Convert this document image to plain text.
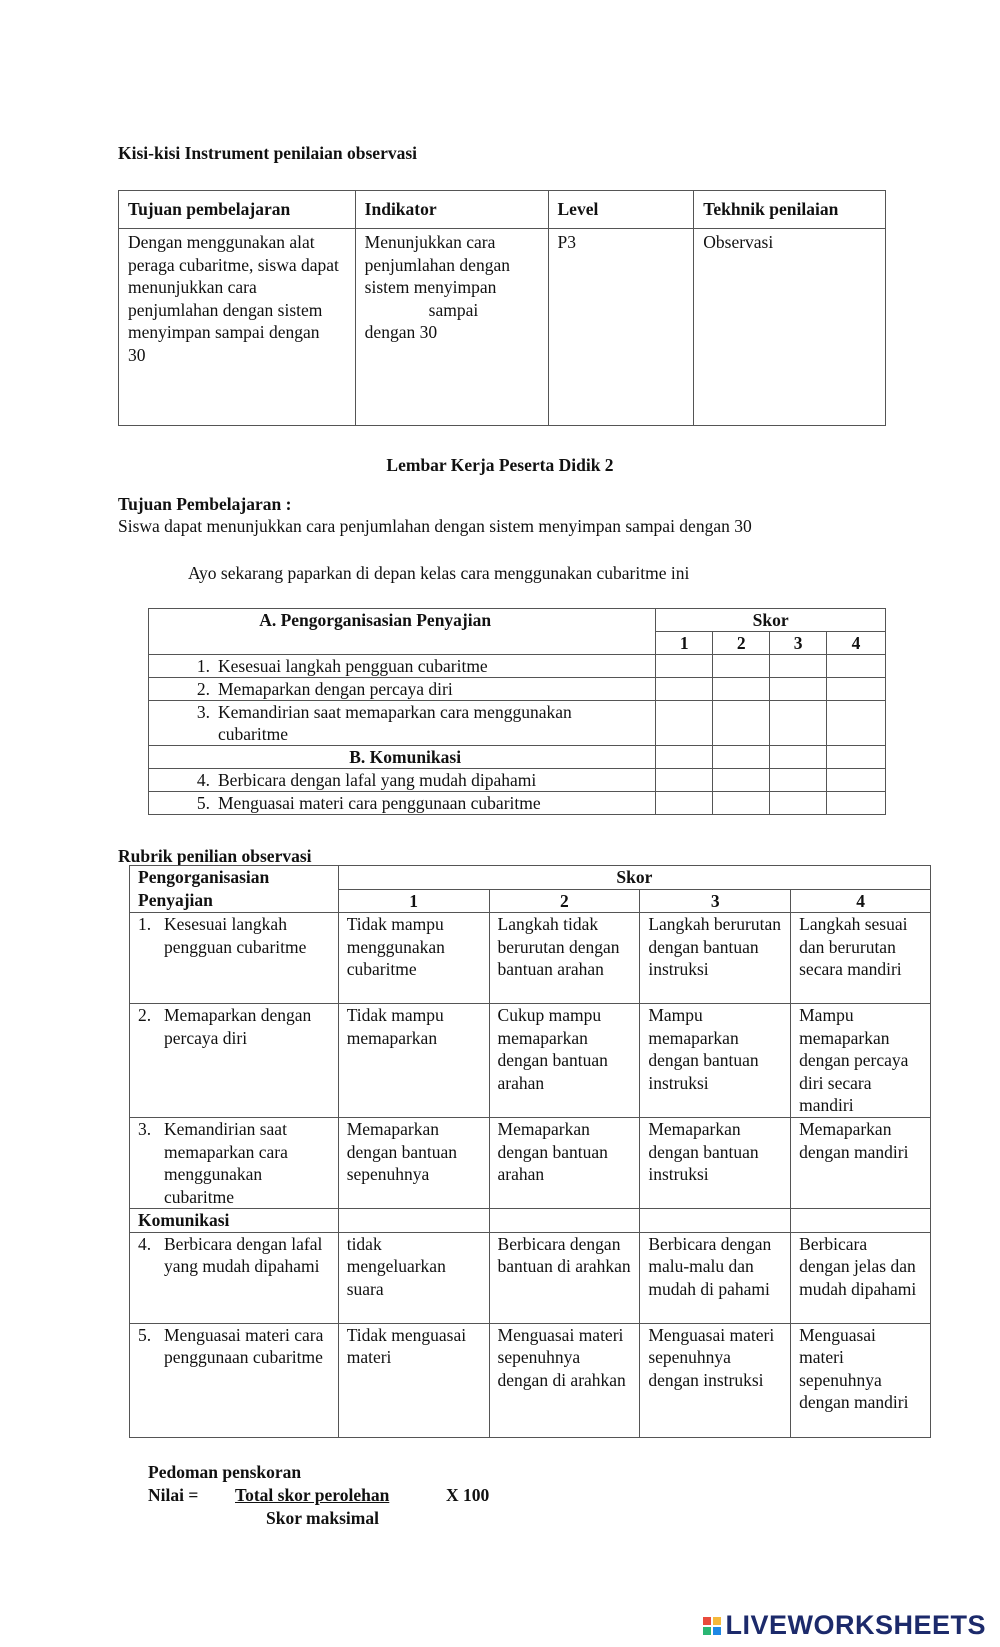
Kisi-kisi Instrument penilaian observasi
Tujuan pembelajaran	Indikator	Level	Tekhnik penilaian
Dengan menggunakan alat peraga cubaritme, siswa dapat menunjukkan cara penjumlahan dengan sistem menyimpan sampai dengan 30	Menunjukkan cara
penjumlahan dengan
sistem menyimpan
sampai
dengan 30	P3	Observasi
Lembar Kerja Peserta Didik 2
Tujuan Pembelajaran :
Siswa dapat menunjukkan cara penjumlahan dengan sistem menyimpan sampai dengan 30
Ayo sekarang paparkan di depan kelas cara menggunakan cubaritme ini
A. Pengorganisasian Penyajian	Skor			
	1	2	3	4

1. Kesesuai langkah pengguan cubaritme				

2. Memaparkan dengan percaya diri				

3. Kemandirian saat memaparkan cara menggunakan cubaritme				

B. Komunikasi				

4. Berbicara dengan lafal yang mudah dipahami				

5. Menguasai materi cara penggunaan cubaritme				

Rubrik penilian observasi
Pengorganisasian Penyajian	Skor			
	1	2	3	4

1. Kesesuai langkah pengguan cubaritme	Tidak mampu menggunakan cubaritme	Langkah tidak berurutan dengan bantuan arahan	Langkah berurutan dengan bantuan instruksi	Langkah sesuai dan berurutan secara mandiri

2. Memaparkan dengan percaya diri	Tidak mampu memaparkan	Cukup mampu memaparkan dengan bantuan arahan	Mampu memaparkan dengan bantuan instruksi	Mampu memaparkan dengan percaya diri secara mandiri

3. Kemandirian saat memaparkan cara menggunakan cubaritme	Memaparkan dengan bantuan sepenuhnya	Memaparkan dengan bantuan arahan	Memaparkan dengan bantuan instruksi	Memaparkan dengan mandiri
Komunikasi				

4. Berbicara dengan lafal yang mudah dipahami	tidak mengeluarkan suara	Berbicara dengan bantuan di arahkan	Berbicara dengan malu-malu dan mudah di pahami	Berbicara dengan jelas dan mudah dipahami

5. Menguasai materi cara penggunaan cubaritme	Tidak menguasai materi	Menguasai materi sepenuhnya dengan di arahkan	Menguasai materi sepenuhnya dengan instruksi	Menguasai materi sepenuhnya dengan mandiri
Pedoman penskoran
Nilai = Total skor perolehan	X 100
Skor maksimal
LIVEWORKSHEETS
